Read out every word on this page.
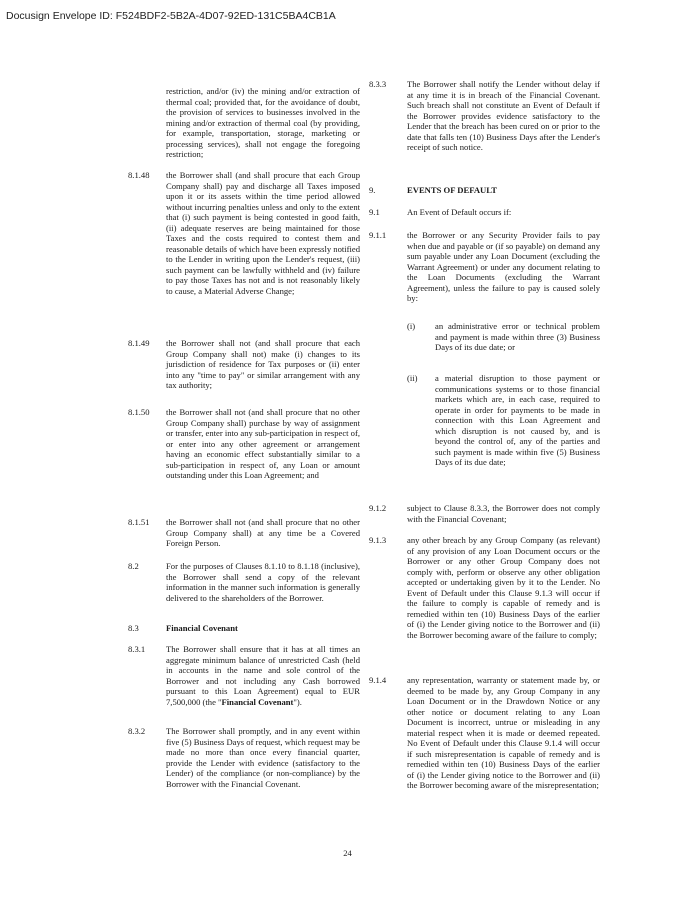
Docusign Envelope ID: F524BDF2-5B2A-4D07-92ED-131C5BA4CB1A
restriction, and/or (iv) the mining and/or extraction of thermal coal; provided that, for the avoidance of doubt, the provision of services to businesses involved in the mining and/or extraction of thermal coal (by providing, for example, transportation, storage, marketing or processing services), shall not engage the foregoing restriction;
8.1.48 the Borrower shall (and shall procure that each Group Company shall) pay and discharge all Taxes imposed upon it or its assets within the time period allowed without incurring penalties unless and only to the extent that (i) such payment is being contested in good faith, (ii) adequate reserves are being maintained for those Taxes and the costs required to contest them and reasonable details of which have been expressly notified to the Lender in writing upon the Lender's request, (iii) such payment can be lawfully withheld and (iv) failure to pay those Taxes has not and is not reasonably likely to cause, a Material Adverse Change;
8.1.49 the Borrower shall not (and shall procure that each Group Company shall not) make (i) changes to its jurisdiction of residence for Tax purposes or (ii) enter into any "time to pay" or similar arrangement with any tax authority;
8.1.50 the Borrower shall not (and shall procure that no other Group Company shall) purchase by way of assignment or transfer, enter into any sub-participation in respect of, or enter into any other agreement or arrangement having an economic effect substantially similar to a sub-participation in respect of, any Loan or amount outstanding under this Loan Agreement; and
8.1.51 the Borrower shall not (and shall procure that no other Group Company shall) at any time be a Covered Foreign Person.
8.2	For the purposes of Clauses 8.1.10 to 8.1.18 (inclusive), the Borrower shall send a copy of the relevant information in the manner such information is generally delivered to the shareholders of the Borrower.
8.3	Financial Covenant
8.3.1 The Borrower shall ensure that it has at all times an aggregate minimum balance of unrestricted Cash (held in accounts in the name and sole control of the Borrower and not including any Cash borrowed pursuant to this Loan Agreement) equal to EUR 7,500,000 (the "Financial Covenant").
8.3.2 The Borrower shall promptly, and in any event within five (5) Business Days of request, which request may be made no more than once every financial quarter, provide the Lender with evidence (satisfactory to the Lender) of the compliance (or non-compliance) by the Borrower with the Financial Covenant.
8.3.3 The Borrower shall notify the Lender without delay if at any time it is in breach of the Financial Covenant. Such breach shall not constitute an Event of Default if the Borrower provides evidence satisfactory to the Lender that the breach has been cured on or prior to the date that falls ten (10) Business Days after the Lender's receipt of such notice.
9.	EVENTS OF DEFAULT
9.1	An Event of Default occurs if:
9.1.1 the Borrower or any Security Provider fails to pay when due and payable or (if so payable) on demand any sum payable under any Loan Document (excluding the Warrant Agreement) or under any document relating to the Loan Documents (excluding the Warrant Agreement), unless the failure to pay is caused solely by:
(i) an administrative error or technical problem and payment is made within three (3) Business Days of its due date; or
(ii) a material disruption to those payment or communications systems or to those financial markets which are, in each case, required to operate in order for payments to be made in connection with this Loan Agreement and which disruption is not caused by, and is beyond the control of, any of the parties and such payment is made within five (5) Business Days of its due date;
9.1.2 subject to Clause 8.3.3, the Borrower does not comply with the Financial Covenant;
9.1.3 any other breach by any Group Company (as relevant) of any provision of any Loan Document occurs or the Borrower or any other Group Company does not comply with, perform or observe any other obligation accepted or undertaking given by it to the Lender. No Event of Default under this Clause 9.1.3 will occur if the failure to comply is capable of remedy and is remedied within ten (10) Business Days of the earlier of (i) the Lender giving notice to the Borrower and (ii) the Borrower becoming aware of the failure to comply;
9.1.4 any representation, warranty or statement made by, or deemed to be made by, any Group Company in any Loan Document or in the Drawdown Notice or any other notice or document relating to any Loan Document is incorrect, untrue or misleading in any material respect when it is made or deemed repeated. No Event of Default under this Clause 9.1.4 will occur if such misrepresentation is capable of remedy and is remedied within ten (10) Business Days of the earlier of (i) the Lender giving notice to the Borrower and (ii) the Borrower becoming aware of the misrepresentation;
24
